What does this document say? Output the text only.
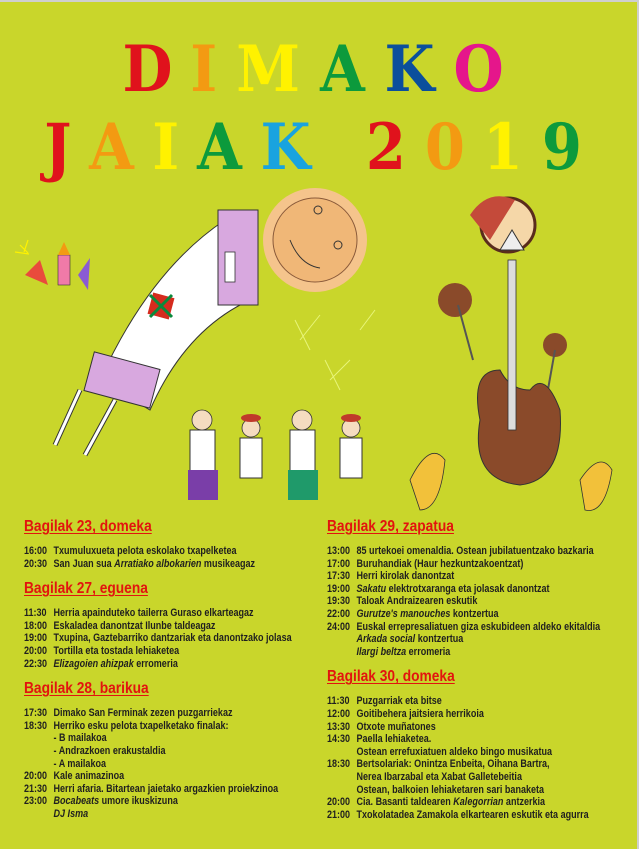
DI M A K O
JAIA K 2019
Bagilak 23, domeka
16:00 Txumuluxueta pelota eskolako txapelketea
20:30 San Juan sua Arratiako albokarien musikeagaz
Bagilak 27, eguena
11:30 Herria apainduteko tailerra Guraso elkarteagaz
18:00 Eskaladea danontzat Ilunbe taldeagaz
19:00 Txupina, Gaztebarriko dantzariak eta danontzako jolasa
20:00 Tortilla eta tostada lehiaketea
22:30 Elizagoien ahizpak erromeria
Bagilak 28, barikua
17:30 Dimako San Ferminak zezen puzgarriekaz
18:30 Herriko esku pelota txapelketako finalak:
- B mailakoa
- Andrazkoen erakustaldia
- A mailakoa
20:00 Kale animazinoa
21:30 Herri afaria. Bitartean jaietako argazkien proiekzinoa
23:00 Bocabeats umore ikuskizuna
DJ Isma
Bagilak 29, zapatua
13:00 85 urtekoei omenaldia. Ostean jubilatuentzako bazkaria
17:00 Buruhandiak (Haur hezkuntzakoentzat)
17:30 Herri kirolak danontzat
19:00 Sakatu elektrotxaranga eta jolasak danontzat
19:30 Taloak Andraizearen eskutik
22:00 Gurutze's manouches kontzertua
24:00 Euskal errepresaliatuen giza eskubideen aldeko ekitaldia
Arkada social kontzertua
Ilargi beltza erromeria
Bagilak 30, domeka
11:30 Puzgarriak eta bitse
12:00 Goitibehera jaitsiera herrikoia
13:30 Otxote muñatones
14:30 Paella lehiaketea.
Ostean errefuxiatuen aldeko bingo musikatua
18:30 Bertsolariak: Onintza Enbeita, Oihana Bartra,
Nerea Ibarzabal eta Xabat Galletebeitia
Ostean, balkoien lehiaketaren sari banaketa
20:00 Cia. Basanti taldearen Kalegorrian antzerkia
21:00 Txokolatadea Zamakola elkartearen eskutik eta agurra
